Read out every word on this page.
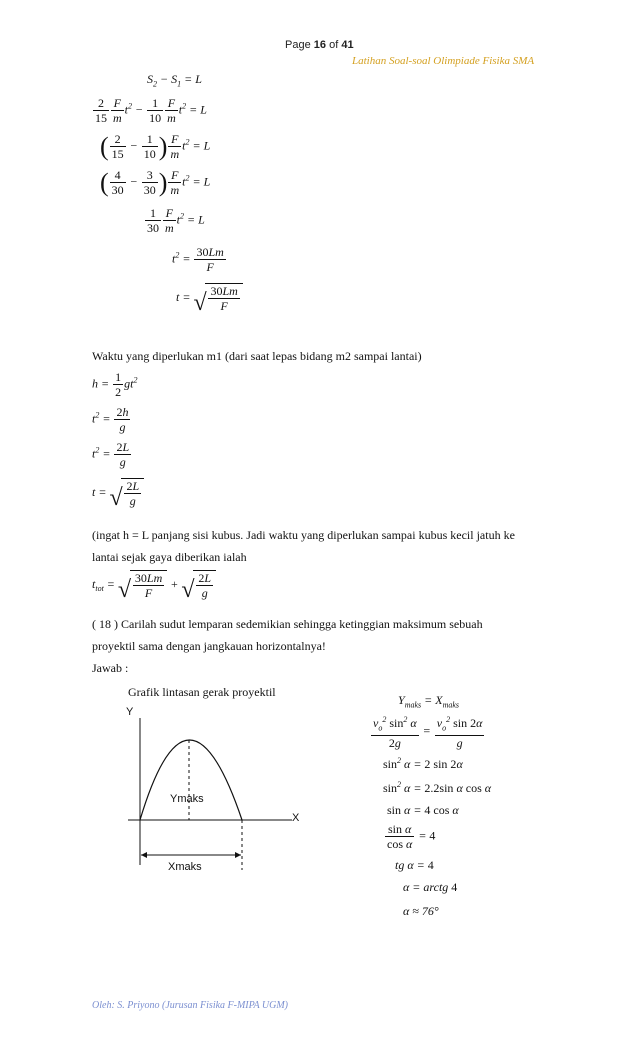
Page 16 of 41
Latihan Soal-soal Olimpiade Fisika SMA
$S_2 - S_1 = L$
$\frac{2}{15} \frac{F}{m} t^2 - \frac{1}{10} \frac{F}{m} t^2 = L$
( $\frac{2}{15} - \frac{1}{10}$ ) $\frac{F}{m} t^2 = L$
( $\frac{4}{30} - \frac{3}{30}$ ) $\frac{F}{m} t^2 = L$
$\frac{1}{30} \frac{F}{m} t^2 = L$
$t^2 = \frac{30Lm}{F}$
t = √ $\frac{30Lm}{F}$
Waktu yang diperlukan m1 (dari saat lepas bidang m2 sampai lantai)
$h = \frac{1}{2} gt^2$
$t^2 = \frac{2h}{g}$
$t^2 = \frac{2L}{g}$
t = √ $\frac{2L}{g}$
(ingat h = L panjang sisi kubus. Jadi waktu yang diperlukan sampai kubus kecil jatuh ke
lantai sejak gaya diberikan ialah
$t_{tot}$ = √ $\frac{30Lm}{F}$ + √ $\frac{2L}{g}$
( 18 ) Carilah sudut lemparan sedemikian sehingga ketinggian maksimum sebuah
proyektil sama dengan jangkauan horizontalnya!
Jawab :
Grafik lintasan gerak proyektil
Y
X
Ymaks
Xmaks
$Y_{maks} = X_{maks}$
$\frac{v_o^2 \sin^2 \alpha}{2g} = \frac{v_o^2 \sin 2\alpha}{g}$
$\sin^2 \alpha = 2$ sin 2α
$\sin^2 \alpha = 2.2\sin$ α cos α
sin α = 4 cos α
$\frac{\text{sin α}}{\text{cos α}} = 4$
tg α = 4
α = arctg 4
α ≈ 76°
Oleh: S. Priyono (Jurusan Fisika F-MIPA UGM)
